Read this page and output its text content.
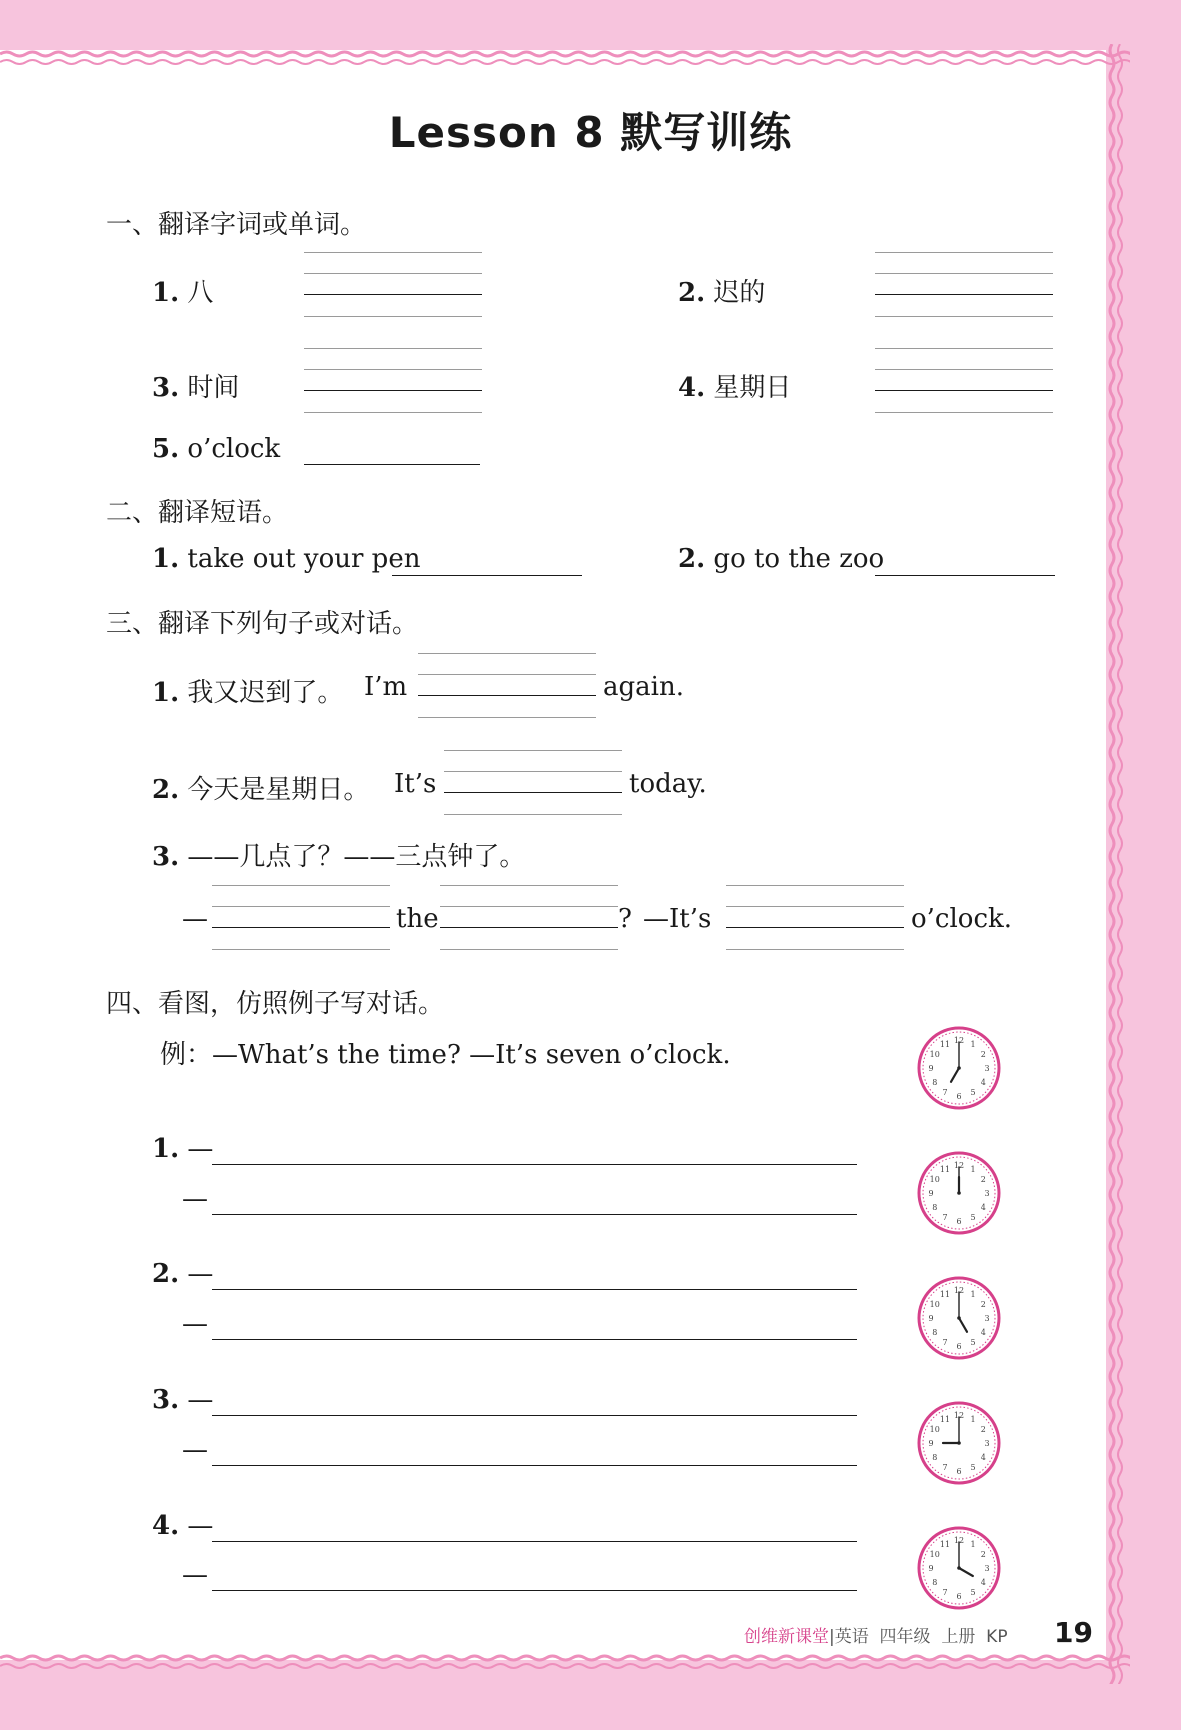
Lesson 8 默写训练
一、翻译字词或单词。
1. 八	2. 迟的
3. 时间	4. 星期日
5. o’clock
二、翻译短语。
1. take out your pen	2. go to the zoo
三、翻译下列句子或对话。
1. 我又迟到了。 I’m	again.
2. 今天是星期日。 It’s	today.
3. ——几点了？——三点钟了。
—	the	? —It’s	o’clock.
四、看图，仿照例子写对话。
例：—What’s the time? —It’s seven o’clock.
1. —
—
2. —
—
3. —
—
4. —
—
1
2
3
4
5
6
7
8
9
10
11 12
1
2
3
4
5
6
7
8
9
10
11 12
1
2
3
4
5
6
7
8
9
10
11 12
1
2
3
4
5
6
7
8
9
10
11 12
1
2
3
4
5
6
7
8
9
10
11 12
创维新课堂|英语 四年级 上册 KP 19
